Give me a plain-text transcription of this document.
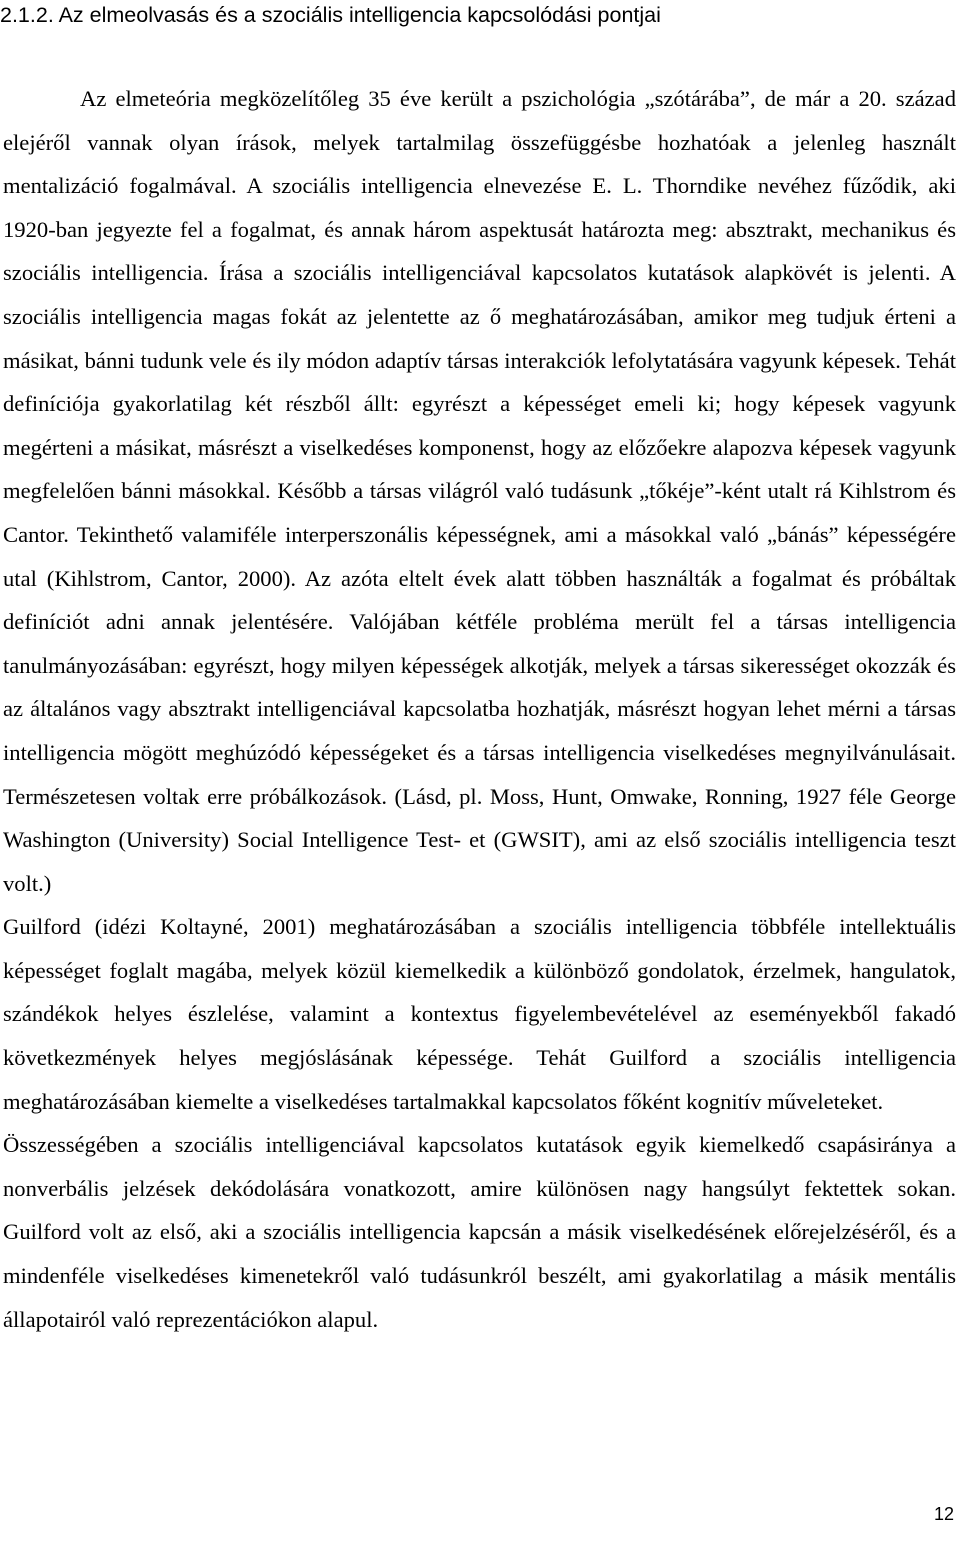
2.1.2. Az elmeolvasás és a szociális intelligencia kapcsolódási pontjai

Az elmeteória megközelítőleg 35 éve került a pszichológia „szótárába”, de már a 20. század elejéről vannak olyan írások, melyek tartalmilag összefüggésbe hozhatóak a jelenleg használt mentalizáció fogalmával. A szociális intelligencia elnevezése E. L. Thorndike nevéhez fűződik, aki 1920-ban jegyezte fel a fogalmat, és annak három aspektusát határozta meg: absztrakt, mechanikus és szociális intelligencia. Írása a szociális intelligenciával kapcsolatos kutatások alapkövét is jelenti. A szociális intelligencia magas fokát az jelentette az ő meghatározásában, amikor meg tudjuk érteni a másikat, bánni tudunk vele és ily módon adaptív társas interakciók lefolytatására vagyunk képesek. Tehát definíciója gyakorlatilag két részből állt: egyrészt a képességet emeli ki; hogy képesek vagyunk megérteni a másikat, másrészt a viselkedéses komponenst, hogy az előzőekre alapozva képesek vagyunk megfelelően bánni másokkal. Később a társas világról való tudásunk „tőkéje”-ként utalt rá Kihlstrom és Cantor. Tekinthető valamiféle interperszonális képességnek, ami a másokkal való „bánás” képességére utal (Kihlstrom, Cantor, 2000). Az azóta eltelt évek alatt többen használták a fogalmat és próbáltak definíciót adni annak jelentésére. Valójában kétféle probléma merült fel a társas intelligencia tanulmányozásában: egyrészt, hogy milyen képességek alkotják, melyek a társas sikerességet okozzák és az általános vagy absztrakt intelligenciával kapcsolatba hozhatják, másrészt hogyan lehet mérni a társas intelligencia mögött meghúzódó képességeket és a társas intelligencia viselkedéses megnyilvánulásait. Természetesen voltak erre próbálkozások. (Lásd, pl. Moss, Hunt, Omwake, Ronning, 1927 féle George Washington (University) Social Intelligence Test- et (GWSIT), ami az első szociális intelligencia teszt volt.)

Guilford (idézi Koltayné, 2001) meghatározásában a szociális intelligencia többféle intellektuális képességet foglalt magába, melyek közül kiemelkedik a különböző gondolatok, érzelmek, hangulatok, szándékok helyes észlelése, valamint a kontextus figyelembevételével az eseményekből fakadó következmények helyes megjóslásának képessége. Tehát Guilford a szociális intelligencia meghatározásában kiemelte a viselkedéses tartalmakkal kapcsolatos főként kognitív műveleteket.

Összességében a szociális intelligenciával kapcsolatos kutatások egyik kiemelkedő csapásiránya a nonverbális jelzések dekódolására vonatkozott, amire különösen nagy hangsúlyt fektettek sokan. Guilford volt az első, aki a szociális intelligencia kapcsán a másik viselkedésének előrejelzéséről, és a mindenféle viselkedéses kimenetekről való tudásunkról beszélt, ami gyakorlatilag a másik mentális állapotairól való reprezentációkon alapul.

12
